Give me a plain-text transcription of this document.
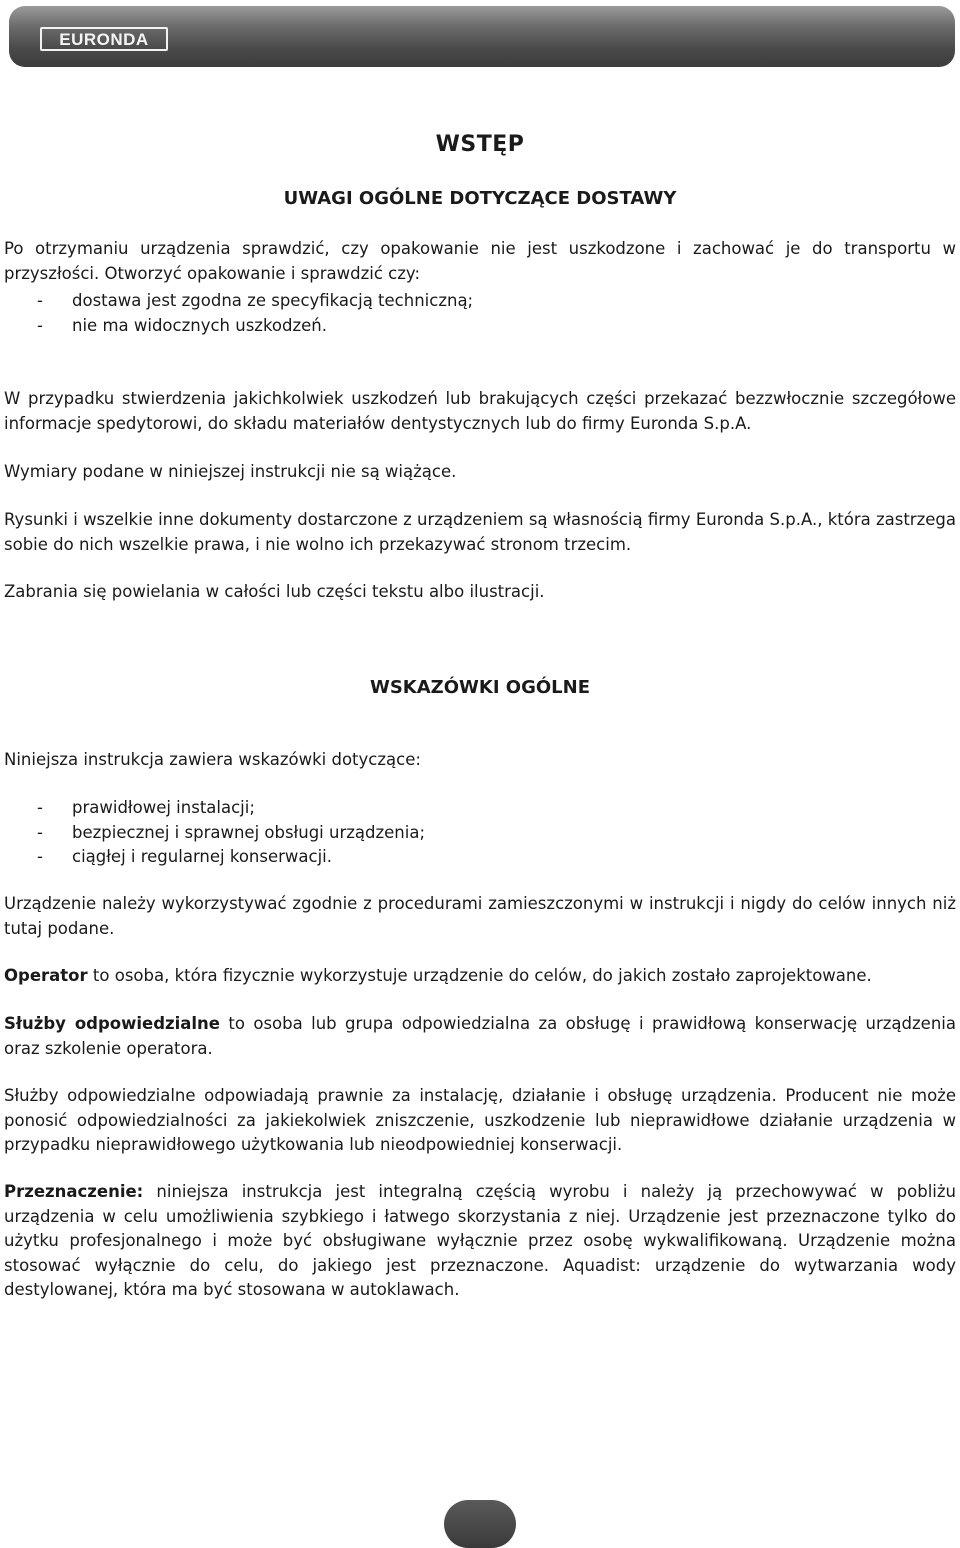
EURONDA
WSTĘP
UWAGI OGÓLNE DOTYCZĄCE DOSTAWY

Po otrzymaniu urządzenia sprawdzić, czy opakowanie nie jest uszkodzone i zachować je do transportu w przyszłości. Otworzyć opakowanie i sprawdzić czy:

- dostawa jest zgodna ze specyfikacją techniczną;
- nie ma widocznych uszkodzeń.

W przypadku stwierdzenia jakichkolwiek uszkodzeń lub brakujących części przekazać bezzwłocznie szczegółowe informacje spedytorowi, do składu materiałów dentystycznych lub do firmy Euronda S.p.A.

Wymiary podane w niniejszej instrukcji nie są wiążące.

Rysunki i wszelkie inne dokumenty dostarczone z urządzeniem są własnością firmy Euronda S.p.A., która zastrzega sobie do nich wszelkie prawa, i nie wolno ich przekazywać stronom trzecim.

Zabrania się powielania w całości lub części tekstu albo ilustracji.

WSKAZÓWKI OGÓLNE

Niniejsza instrukcja zawiera wskazówki dotyczące:

- prawidłowej instalacji;
- bezpiecznej i sprawnej obsługi urządzenia;
- ciągłej i regularnej konserwacji.

Urządzenie należy wykorzystywać zgodnie z procedurami zamieszczonymi w instrukcji i nigdy do celów innych niż tutaj podane.

Operator to osoba, która fizycznie wykorzystuje urządzenie do celów, do jakich zostało zaprojektowane.

Służby odpowiedzialne to osoba lub grupa odpowiedzialna za obsługę i prawidłową konserwację urządzenia oraz szkolenie operatora.

Służby odpowiedzialne odpowiadają prawnie za instalację, działanie i obsługę urządzenia. Producent nie może ponosić odpowiedzialności za jakiekolwiek zniszczenie, uszkodzenie lub nieprawidłowe działanie urządzenia w przypadku nieprawidłowego użytkowania lub nieodpowiedniej konserwacji.

Przeznaczenie: niniejsza instrukcja jest integralną częścią wyrobu i należy ją przechowywać w pobliżu urządzenia w celu umożliwienia szybkiego i łatwego skorzystania z niej. Urządzenie jest przeznaczone tylko do użytku profesjonalnego i może być obsługiwane wyłącznie przez osobę wykwalifikowaną. Urządzenie można stosować wyłącznie do celu, do jakiego jest przeznaczone. Aquadist: urządzenie do wytwarzania wody destylowanej, która ma być stosowana w autoklawach.
